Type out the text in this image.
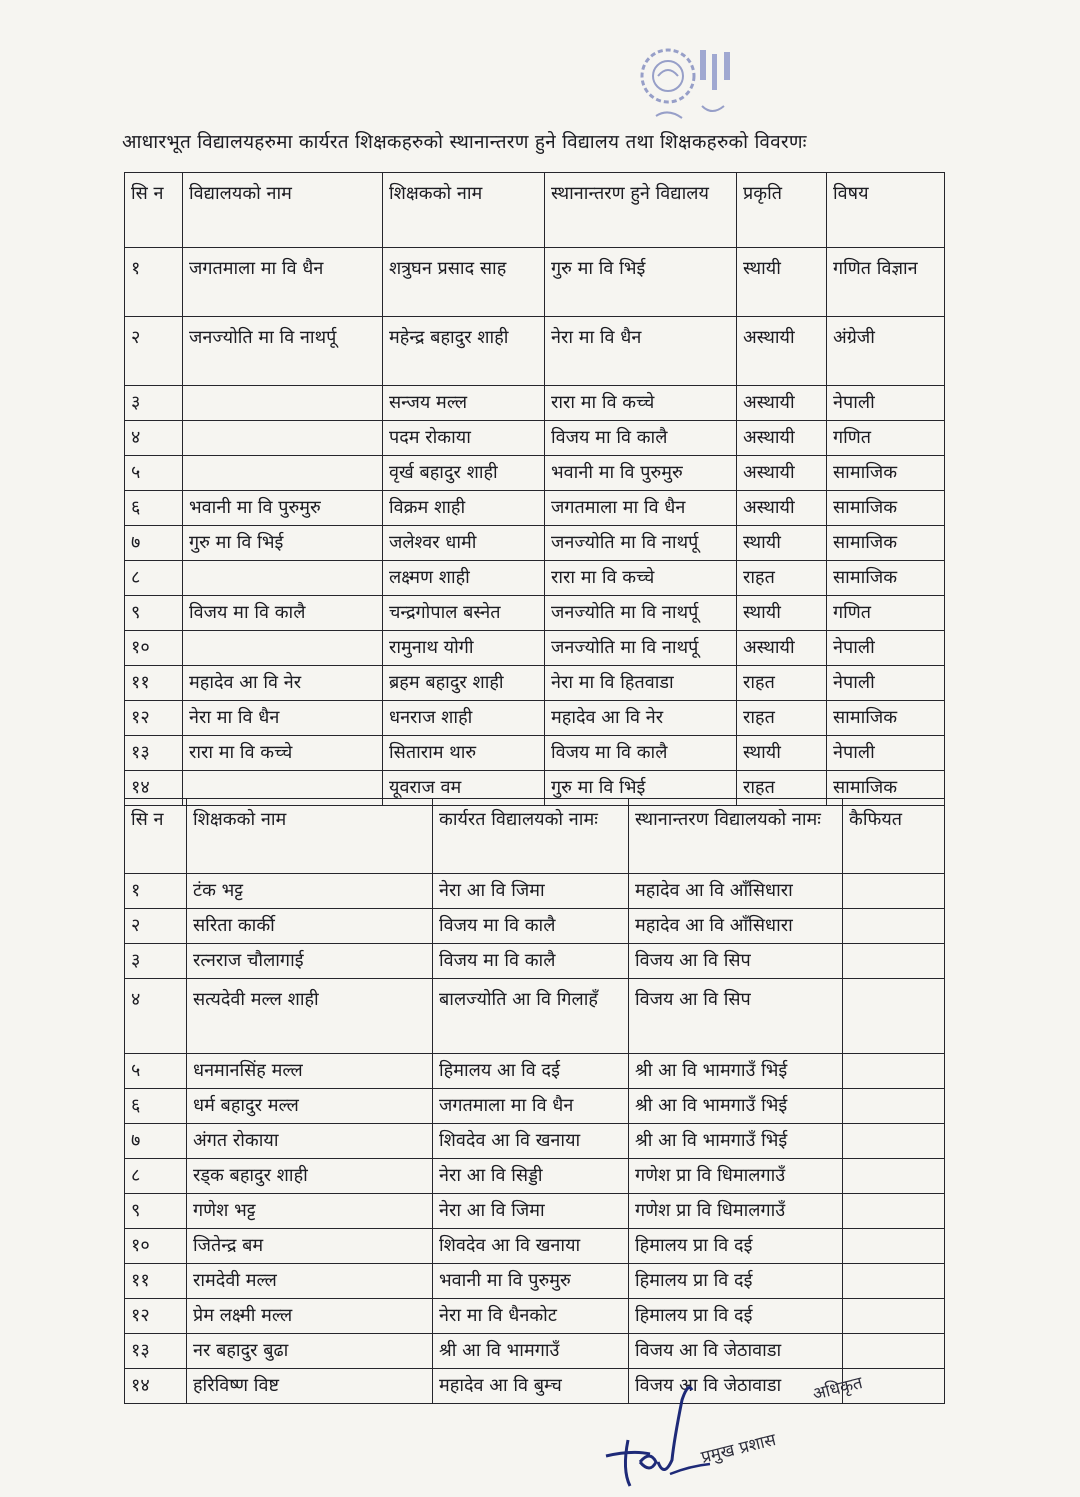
आधारभूत विद्यालयहरुमा कार्यरत शिक्षकहरुको स्थानान्तरण हुने विद्यालय तथा शिक्षकहरुको विवरणः
सि न	विद्यालयको नाम	शिक्षकको नाम	स्थानान्तरण हुने विद्यालय	प्रकृति	विषय
१	जगतमाला मा वि धैन	शत्रुघन प्रसाद साह	गुरु मा वि भिई	स्थायी	गणित विज्ञान
२	जनज्योति मा वि नाथर्पू	महेन्द्र बहादुर शाही	नेरा मा वि धैन	अस्थायी	अंग्रेजी
३		सन्जय मल्ल	रारा मा वि कच्चे	अस्थायी	नेपाली
४		पदम रोकाया	विजय मा वि कालै	अस्थायी	गणित
५		वृर्ख बहादुर शाही	भवानी मा वि पुरुमुरु	अस्थायी	सामाजिक
६	भवानी मा वि पुरुमुरु	विक्रम शाही	जगतमाला मा वि धैन	अस्थायी	सामाजिक
७	गुरु मा वि भिई	जलेश्वर धामी	जनज्योति मा वि नाथर्पू	स्थायी	सामाजिक
८		लक्ष्मण शाही	रारा मा वि कच्चे	राहत	सामाजिक
९	विजय मा वि कालै	चन्द्रगोपाल बस्नेत	जनज्योति मा वि नाथर्पू	स्थायी	गणित
१०		रामुनाथ योगी	जनज्योति मा वि नाथर्पू	अस्थायी	नेपाली
११	महादेव आ वि नेर	ब्रहम बहादुर शाही	नेरा मा वि हितवाडा	राहत	नेपाली
१२	नेरा मा वि धैन	धनराज शाही	महादेव आ वि नेर	राहत	सामाजिक
१३	रारा मा वि कच्चे	सिताराम थारु	विजय मा वि कालै	स्थायी	नेपाली
१४		यूवराज वम	गुरु मा वि भिई	राहत	सामाजिक
सि न	शिक्षकको नाम	कार्यरत विद्यालयको नामः	स्थानान्तरण विद्यालयको नामः	कैफियत
१	टंक भट्ट	नेरा आ वि जिमा	महादेव आ वि आँसिधारा	
२	सरिता कार्की	विजय मा वि कालै	महादेव आ वि आँसिधारा	
३	रत्नराज चौलागाई	विजय मा वि कालै	विजय आ वि सिप	
४	सत्यदेवी मल्ल शाही	बालज्योति आ वि गिलाहँ	विजय आ वि सिप	
५	धनमानसिंह मल्ल	हिमालय आ वि दई	श्री आ वि भामगाउँ भिई	
६	धर्म बहादुर मल्ल	जगतमाला मा वि धैन	श्री आ वि भामगाउँ भिई	
७	अंगत रोकाया	शिवदेव आ वि खनाया	श्री आ वि भामगाउँ भिई	
८	रड्क बहादुर शाही	नेरा आ वि सिड्डी	गणेश प्रा वि धिमालगाउँ	
९	गणेश भट्ट	नेरा आ वि जिमा	गणेश प्रा वि धिमालगाउँ	
१०	जितेन्द्र बम	शिवदेव आ वि खनाया	हिमालय प्रा वि दई	
११	रामदेवी मल्ल	भवानी मा वि पुरुमुरु	हिमालय प्रा वि दई	
१२	प्रेम लक्ष्मी मल्ल	नेरा मा वि धैनकोट	हिमालय प्रा वि दई	
१३	नर बहादुर बुढा	श्री आ वि भामगाउँ	विजय आ वि जेठावाडा	
१४	हरिविष्ण विष्ट	महादेव आ वि बुम्च	विजय आ वि जेठावाडा	
प्रमुख प्रशास
अधिकृत
